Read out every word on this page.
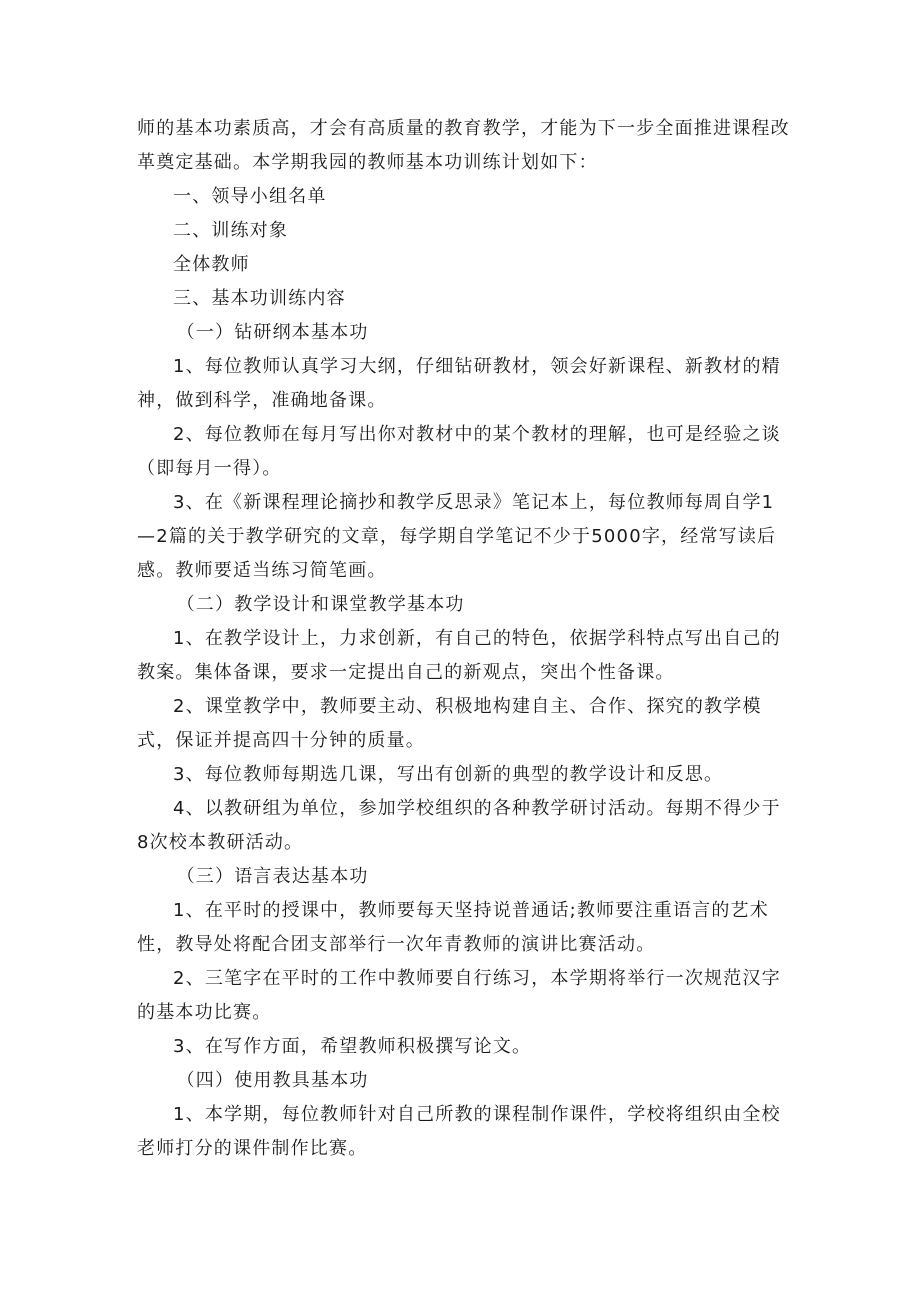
师的基本功素质高，才会有高质量的教育教学，才能为下一步全面推进课程改革奠定基础。本学期我园的教师基本功训练计划如下：

一、领导小组名单

二、训练对象

全体教师

三、基本功训练内容

（一）钻研纲本基本功

1、每位教师认真学习大纲，仔细钻研教材，领会好新课程、新教材的精神，做到科学，准确地备课。

2、每位教师在每月写出你对教材中的某个教材的理解，也可是经验之谈（即每月一得）。

3、在《新课程理论摘抄和教学反思录》笔记本上，每位教师每周自学1—2篇的关于教学研究的文章，每学期自学笔记不少于5000字，经常写读后感。教师要适当练习简笔画。

（二）教学设计和课堂教学基本功

1、在教学设计上，力求创新，有自己的特色，依据学科特点写出自己的教案。集体备课，要求一定提出自己的新观点，突出个性备课。

2、课堂教学中，教师要主动、积极地构建自主、合作、探究的教学模式，保证并提高四十分钟的质量。

3、每位教师每期选几课，写出有创新的典型的教学设计和反思。

4、以教研组为单位，参加学校组织的各种教学研讨活动。每期不得少于8次校本教研活动。

（三）语言表达基本功

1、在平时的授课中，教师要每天坚持说普通话;教师要注重语言的艺术性，教导处将配合团支部举行一次年青教师的演讲比赛活动。

2、三笔字在平时的工作中教师要自行练习，本学期将举行一次规范汉字的基本功比赛。

3、在写作方面，希望教师积极撰写论文。

（四）使用教具基本功

1、本学期，每位教师针对自己所教的课程制作课件，学校将组织由全校老师打分的课件制作比赛。
